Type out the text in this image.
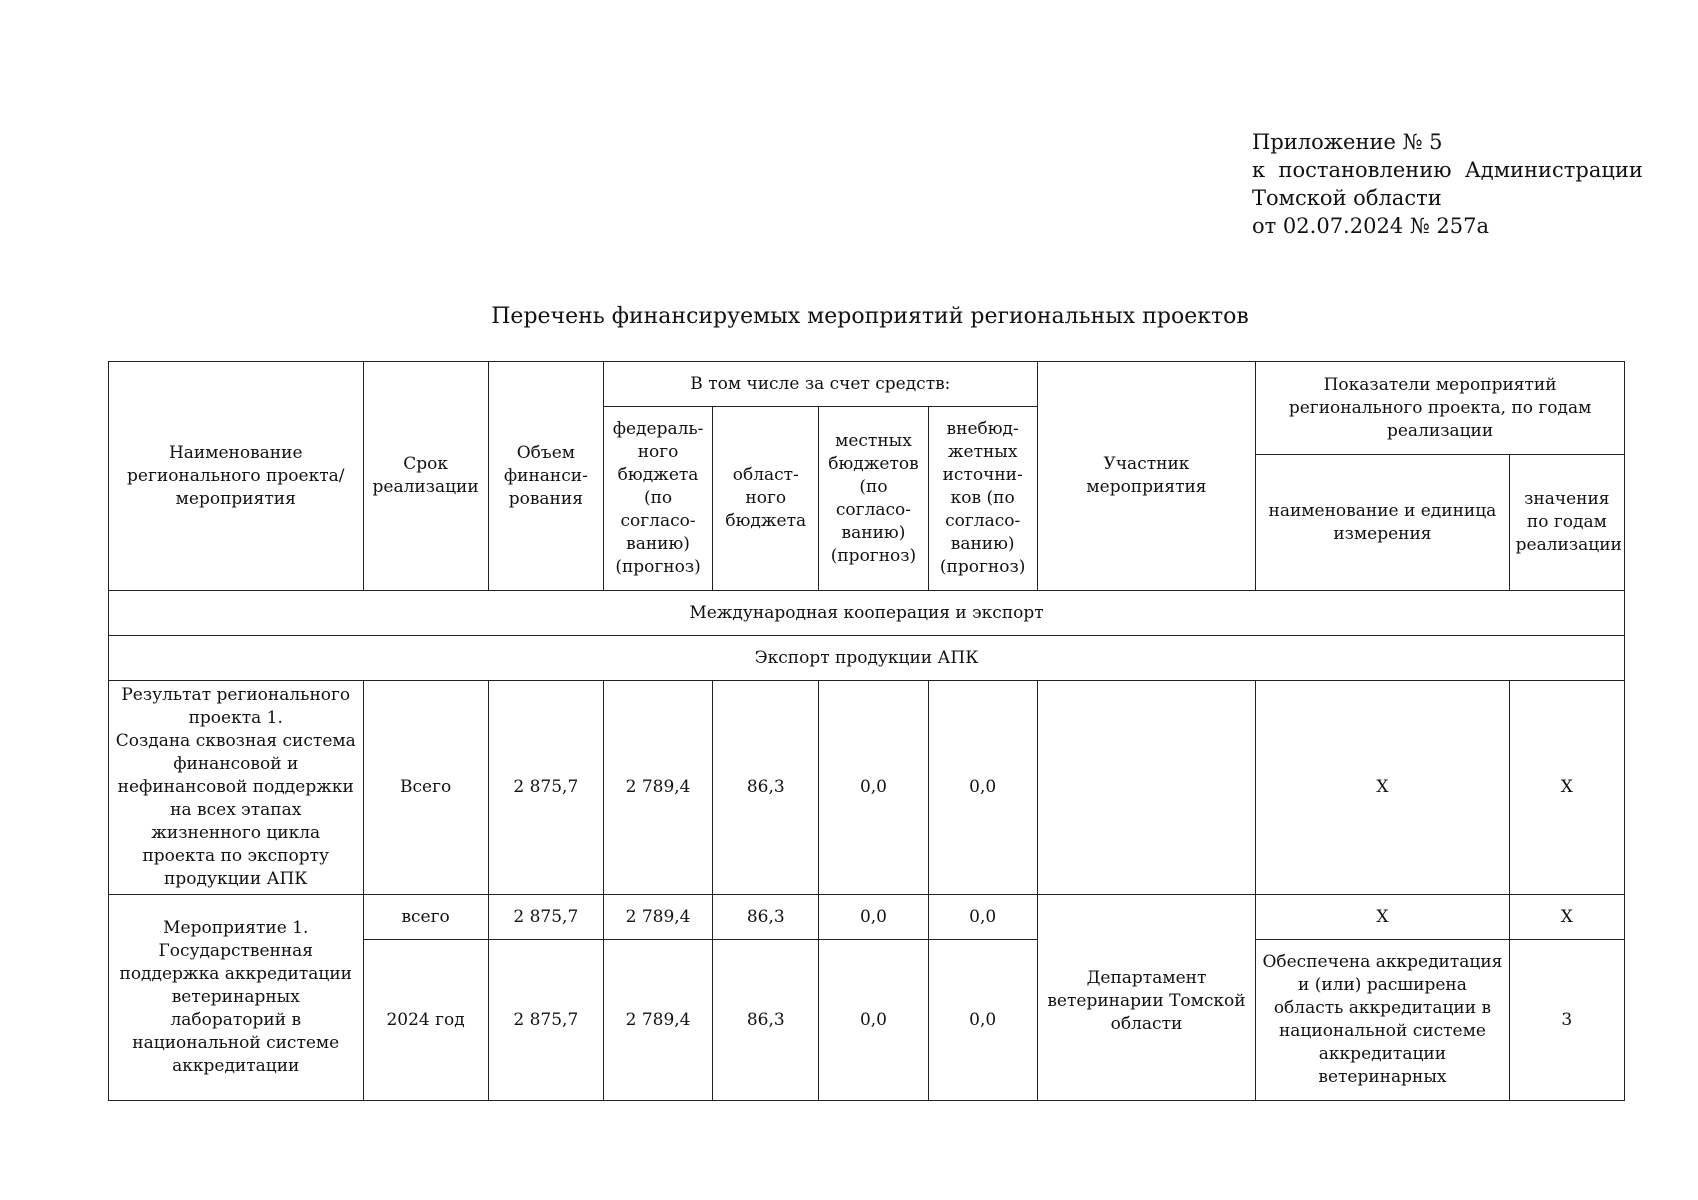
Приложение № 5
к  постановлению  Администрации
Томской области
от 02.07.2024 № 257а
Перечень финансируемых мероприятий региональных проектов
Наименование регионального проекта/мероприятия	Срок реализации	Объем финанси- рования	В том числе за счет средств:				Участник мероприятия	Показатели мероприятий регионального проекта, по годам реализации	
			федераль- ного бюджета (по согласо- ванию) (прогноз)	област- ного бюджета	местных бюджетов (по согласо- ванию) (прогноз)	внебюд- жетных источни- ков (по согласо- ванию) (прогноз)			
								наименование и единица измерения	значения по годам реализации
Международная кооперация и экспорт									
Экспорт продукции АПК									
Результат регионального проекта 1.
Создана сквозная система финансовой и нефинансовой поддержки на всех этапах жизненного цикла проекта по экспорту продукции АПК	Всего	2 875,7	2 789,4	86,3	0,0	0,0		X	X
Мероприятие 1.
Государственная поддержка аккредитации ветеринарных лабораторий в национальной системе аккредитации	всего	2 875,7	2 789,4	86,3	0,0	0,0	Департамент ветеринарии Томской области	X	X
	2024 год	2 875,7	2 789,4	86,3	0,0	0,0		Обеспечена аккредитация и (или) расширена область аккредитации в национальной системе аккредитации ветеринарных	3
